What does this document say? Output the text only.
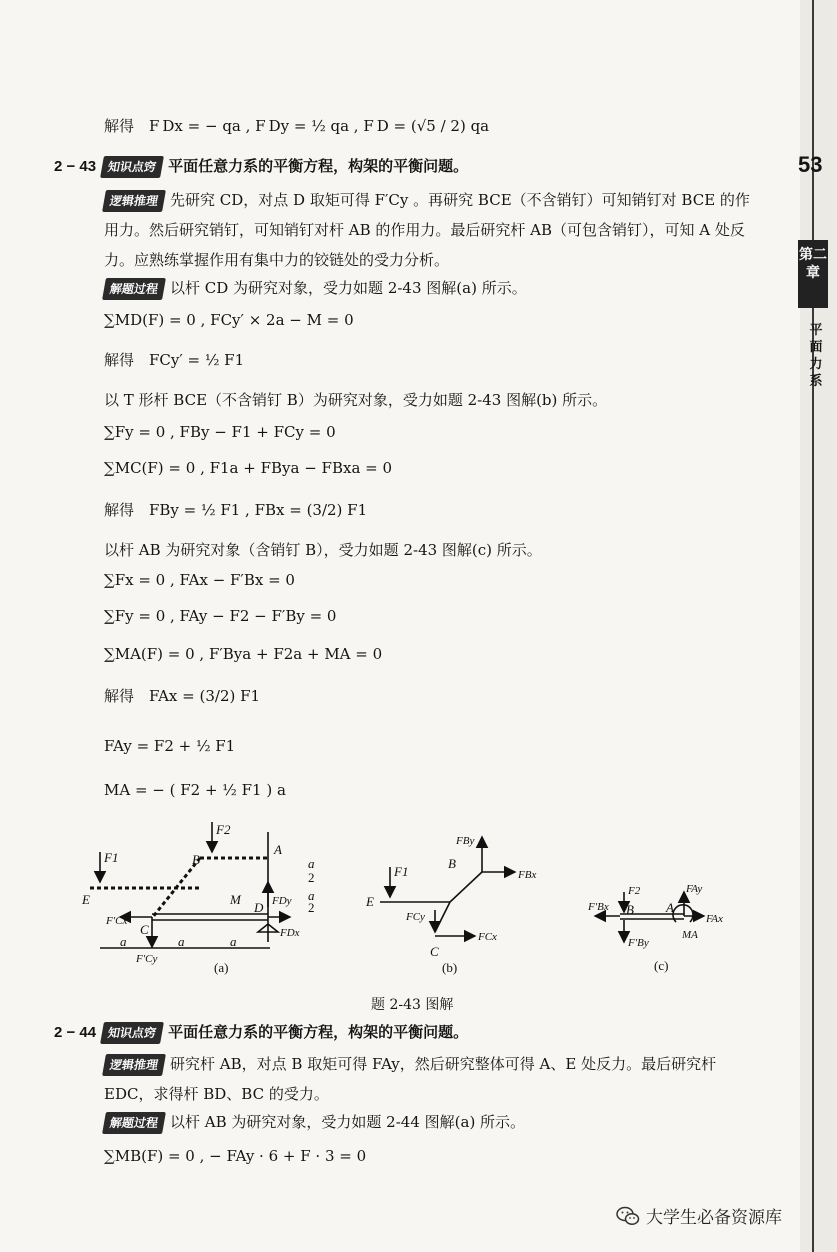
53
第二章
平面力系
解得　F Dx = − qa , F Dy = ½ qa , F D = (√5 / 2) qa
2 − 43 知识点窍 平面任意力系的平衡方程，构架的平衡问题。
逻辑推理 先研究 CD，对点 D 取矩可得 F′Cy 。再研究 BCE（不含销钉）可知销钉对 BCE 的作
用力。然后研究销钉，可知销钉对杆 AB 的作用力。最后研究杆 AB（可包含销钉），可知 A 处反
力。应熟练掌握作用有集中力的铰链处的受力分析。
解题过程 以杆 CD 为研究对象，受力如题 2-43 图解(a) 所示。
∑MD(F) = 0 , FCy′ × 2a − M = 0
解得　FCy′ = ½ F1
以 T 形杆 BCE（不含销钉 B）为研究对象，受力如题 2-43 图解(b) 所示。
∑Fy = 0 , FBy − F1 + FCy = 0
∑MC(F) = 0 , F1a + FBya − FBxa = 0
解得　FBy = ½ F1 , FBx = (3/2) F1
以杆 AB 为研究对象（含销钉 B），受力如题 2-43 图解(c) 所示。
∑Fx = 0 , FAx − F′Bx = 0
∑Fy = 0 , FAy − F2 − F′By = 0
∑MA(F) = 0 , F′Bya + F2a + MA = 0
解得　FAx = (3/2) F1
FAy = F2 + ½ F1
MA = − ( F2 + ½ F1 ) a
F1
F2
B
A
E	M
D FDy
FDx
F′Cx
C
F′Cy
a	a	a
a
2
a
2
(a)
FBy
B
F1	FBx
E
FCy
C
FCx
(b)
F2	FAy
F′Bx B A
FAx
F′By
MA
(c)
题 2-43 图解
2 − 44 知识点窍 平面任意力系的平衡方程，构架的平衡问题。
逻辑推理 研究杆 AB，对点 B 取矩可得 FAy，然后研究整体可得 A、E 处反力。最后研究杆
EDC，求得杆 BD、BC 的受力。
解题过程 以杆 AB 为研究对象，受力如题 2-44 图解(a) 所示。
∑MB(F) = 0 , − FAy · 6 + F · 3 = 0
大学生必备资源库
